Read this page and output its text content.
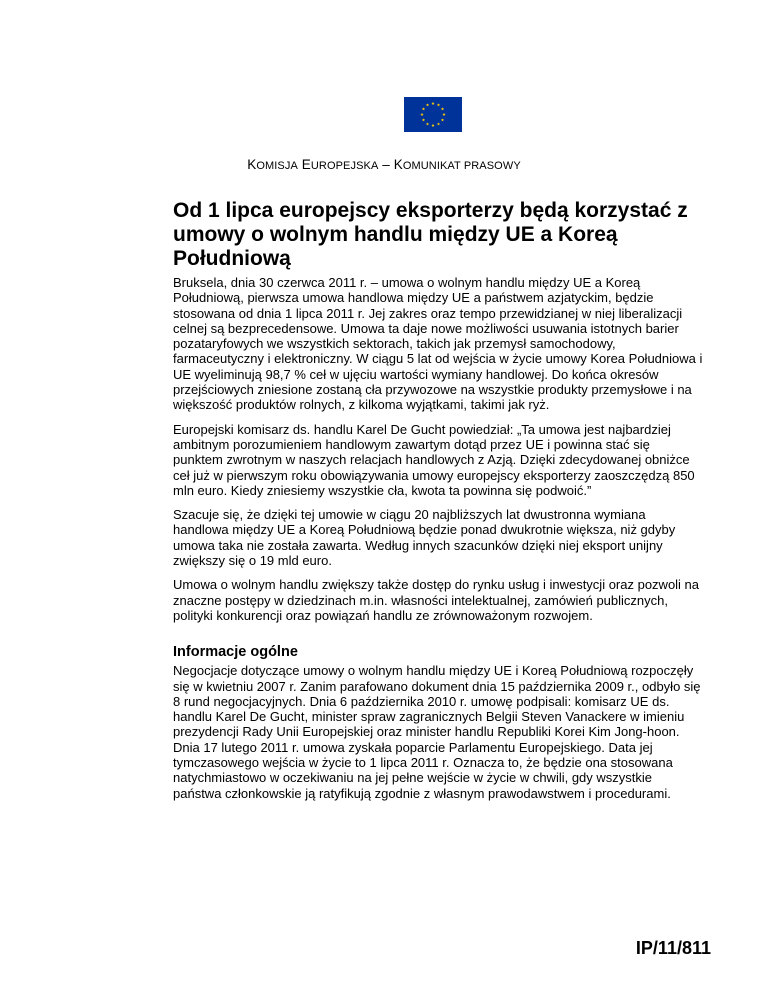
KOMISJA EUROPEJSKA – KOMUNIKAT PRASOWY
Od 1 lipca europejscy eksporterzy będą korzystać z umowy o wolnym handlu między UE a Koreą Południową

Bruksela, dnia 30 czerwca 2011 r. – umowa o wolnym handlu między UE a Koreą Południową, pierwsza umowa handlowa między UE a państwem azjatyckim, będzie stosowana od dnia 1 lipca 2011 r. Jej zakres oraz tempo przewidzianej w niej liberalizacji celnej są bezprecedensowe. Umowa ta daje nowe możliwości usuwania istotnych barier pozataryfowych we wszystkich sektorach, takich jak przemysł samochodowy, farmaceutyczny i elektroniczny. W ciągu 5 lat od wejścia w życie umowy Korea Południowa i UE wyeliminują 98,7 % ceł w ujęciu wartości wymiany handlowej. Do końca okresów przejściowych zniesione zostaną cła przywozowe na wszystkie produkty przemysłowe i na większość produktów rolnych, z kilkoma wyjątkami, takimi jak ryż.

Europejski komisarz ds. handlu Karel De Gucht powiedział: „Ta umowa jest najbardziej ambitnym porozumieniem handlowym zawartym dotąd przez UE i powinna stać się punktem zwrotnym w naszych relacjach handlowych z Azją. Dzięki zdecydowanej obniżce ceł już w pierwszym roku obowiązywania umowy europejscy eksporterzy zaoszczędzą 850 mln euro. Kiedy zniesiemy wszystkie cła, kwota ta powinna się podwoić.”

Szacuje się, że dzięki tej umowie w ciągu 20 najbliższych lat dwustronna wymiana handlowa między UE a Koreą Południową będzie ponad dwukrotnie większa, niż gdyby umowa taka nie została zawarta. Według innych szacunków dzięki niej eksport unijny zwiększy się o 19 mld euro.

Umowa o wolnym handlu zwiększy także dostęp do rynku usług i inwestycji oraz pozwoli na znaczne postępy w dziedzinach m.in. własności intelektualnej, zamówień publicznych, polityki konkurencji oraz powiązań handlu ze zrównoważonym rozwojem.

Informacje ogólne

Negocjacje dotyczące umowy o wolnym handlu między UE i Koreą Południową rozpoczęły się w kwietniu 2007 r. Zanim parafowano dokument dnia 15 października 2009 r., odbyło się 8 rund negocjacyjnych. Dnia 6 października 2010 r. umowę podpisali: komisarz UE ds. handlu Karel De Gucht, minister spraw zagranicznych Belgii Steven Vanackere w imieniu prezydencji Rady Unii Europejskiej oraz minister handlu Republiki Korei Kim Jong-hoon. Dnia 17 lutego 2011 r. umowa zyskała poparcie Parlamentu Europejskiego. Data jej tymczasowego wejścia w życie to 1 lipca 2011 r. Oznacza to, że będzie ona stosowana natychmiastowo w oczekiwaniu na jej pełne wejście w życie w chwili, gdy wszystkie państwa członkowskie ją ratyfikują zgodnie z własnym prawodawstwem i procedurami.

IP/11/811
